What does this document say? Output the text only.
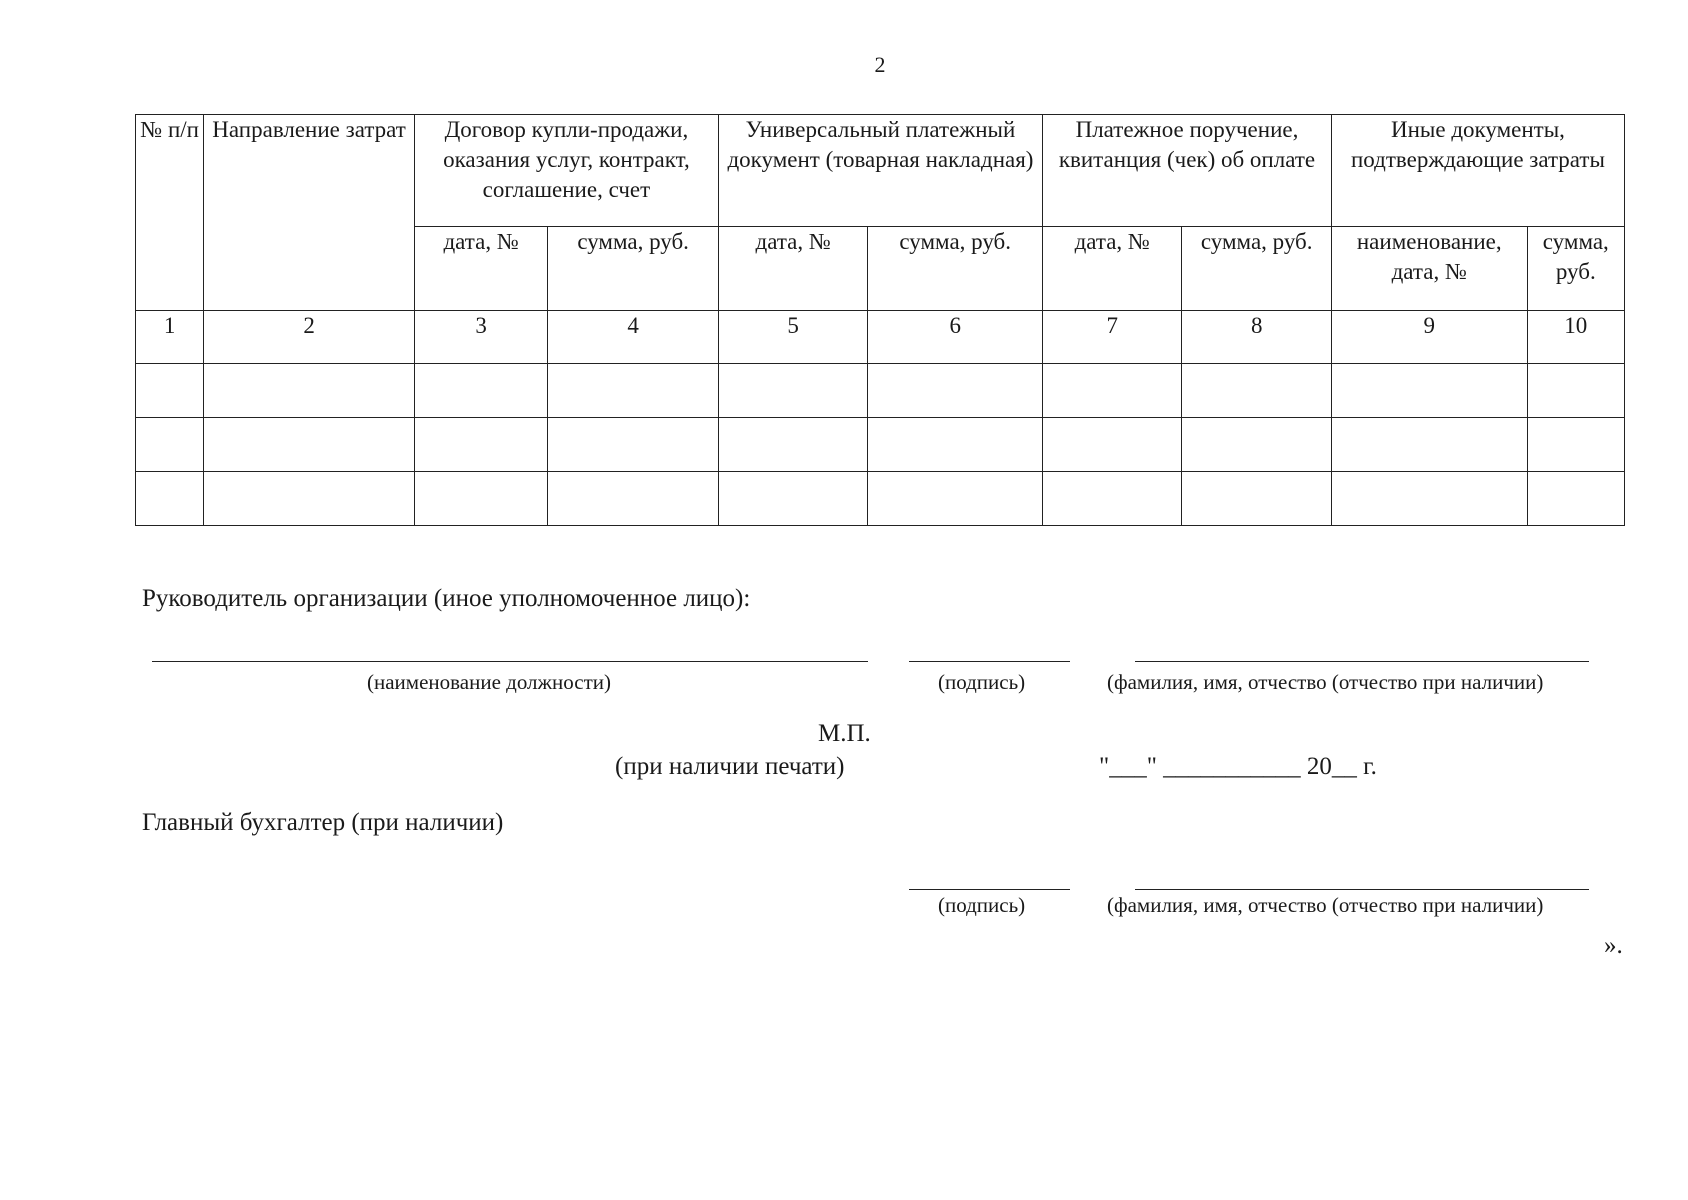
2
№ п/п	Направление затрат	Договор купли-продажи, оказания услуг, контракт, соглашение, счет		Универсальный платежный документ (товарная накладная)		Платежное поручение, квитанция (чек) об оплате		Иные документы, подтверждающие затраты	
		дата, №	сумма, руб.	дата, №	сумма, руб.	дата, №	сумма, руб.	наименование, дата, №	сумма, руб.
1	2	3	4	5	6	7	8	9	10

Руководитель организации (иное уполномоченное лицо):
(наименование должности)	(подпись)	(фамилия, имя, отчество (отчество при наличии)
М.П.
(при наличии печати)	"___" ___________ 20__ г.
Главный бухгалтер (при наличии)
(подпись)	(фамилия, имя, отчество (отчество при наличии)
».
